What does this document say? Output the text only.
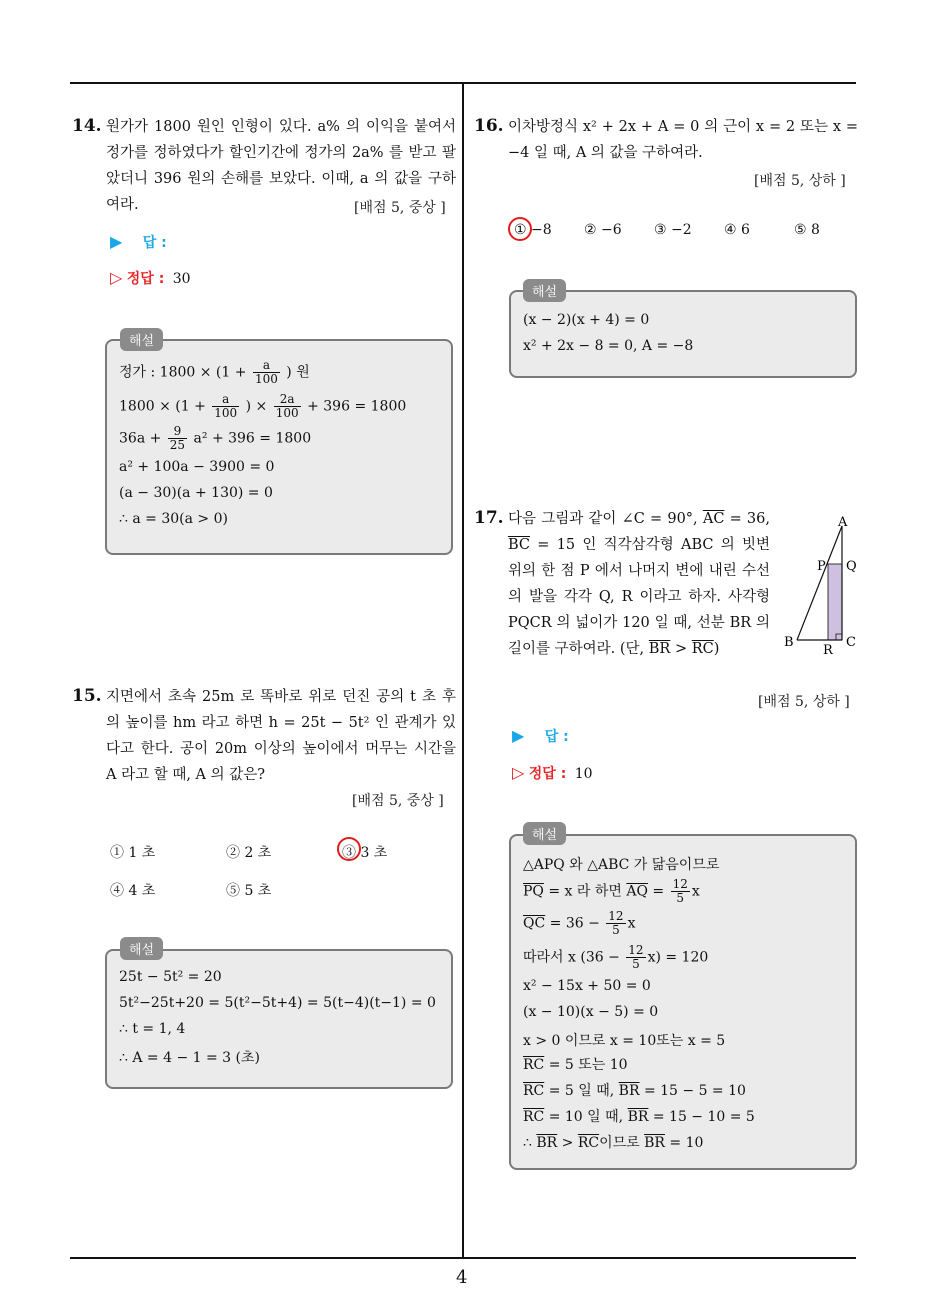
4
14. 원가가 1800 원인 인형이 있다. a% 의 이익을 붙여서 정가를 정하였다가 할인기간에 정가의 2a% 를 받고 팔았더니 396 원의 손해를 보았다. 이때, a 의 값을 구하여라.	[배점 5, 중상 ]
▶ 답 :
▷ 정답 : 30
해설
정가 : $1800 \times (1 + \frac{a}{100}$ ) 원
$1800 \times (1 + \frac{a}{100}$ ) × $\frac{2a}{100} + 396 = 1800$
$36a + \frac{9}{25} a^2 + 396 = 1800$
a² + 100a − 3900 = 0
(a − 30)(a + 130) = 0
∴ a = 30(a > 0)
15. 지면에서 초속 25m 로 똑바로 위로 던진 공의 t 초 후의 높이를 hm 라고 하면 h = 25t − 5t² 인 관계가 있다고 한다. 공이 20m 이상의 높이에서 머무는 시간을 A 라고 할 때, A 의 값은?
[배점 5, 중상 ]
① 1 초	② 2 초	③ 3 초
④ 4 초	⑤ 5 초
해설
25t − 5t² = 20
5t²−25t+20 = 5(t²−5t+4) = 5(t−4)(t−1) = 0
∴ t = 1, 4
∴ A = 4 − 1 = 3 (초)
16. 이차방정식 x² + 2x + A = 0 의 근이 x = 2 또는 x = −4 일 때, A 의 값을 구하여라.
[배점 5, 상하 ]
① −8 ② −6 ③ −2 ④ 6	⑤ 8
해설
(x − 2)(x + 4) = 0
x² + 2x − 8 = 0, A = −8
17. 다음 그림과 같이 ∠C = 90°, $\overline{AC} = 36$, $\overline{BC} = 15$ 인 직각삼각형 ABC 의 빗변 위의 한 점 P 에서 나머지 변에 내린 수선의 발을 각각 Q, R 이라고 하자. 사각형 PQCR 의 넓이가 120 일 때, 선분 BR 의 길이를 구하여라. (단, $\overline{BR} > \overline{RC}$)
A
P Q
B
R
C
[배점 5, 상하 ]
▶ 답 :
▷ 정답 : 10
해설
△APQ 와 △ABC 가 닮음이므로
$\overline{PQ} = x$ 라 하면 $\overline{AQ} = \frac{12}{5}$ x
$\overline{QC} = 36 - \frac{12}{5}$ x
따라서 x $(36 - \frac{12}{5} x) = 120$
x² − 15x + 50 = 0
(x − 10)(x − 5) = 0
x > 0 이므로 x = 10또는 x = 5
$\overline{RC} = 5$ 또는 10
$\overline{RC} = 5$ 일 때, $\overline{BR} = 15 - 5 = 10$
$\overline{RC} = 10$ 일 때, $\overline{BR} = 15 - 10 = 5$
∴ $\overline{BR} > \overline{RC}$이므로 $\overline{BR} = 10$
